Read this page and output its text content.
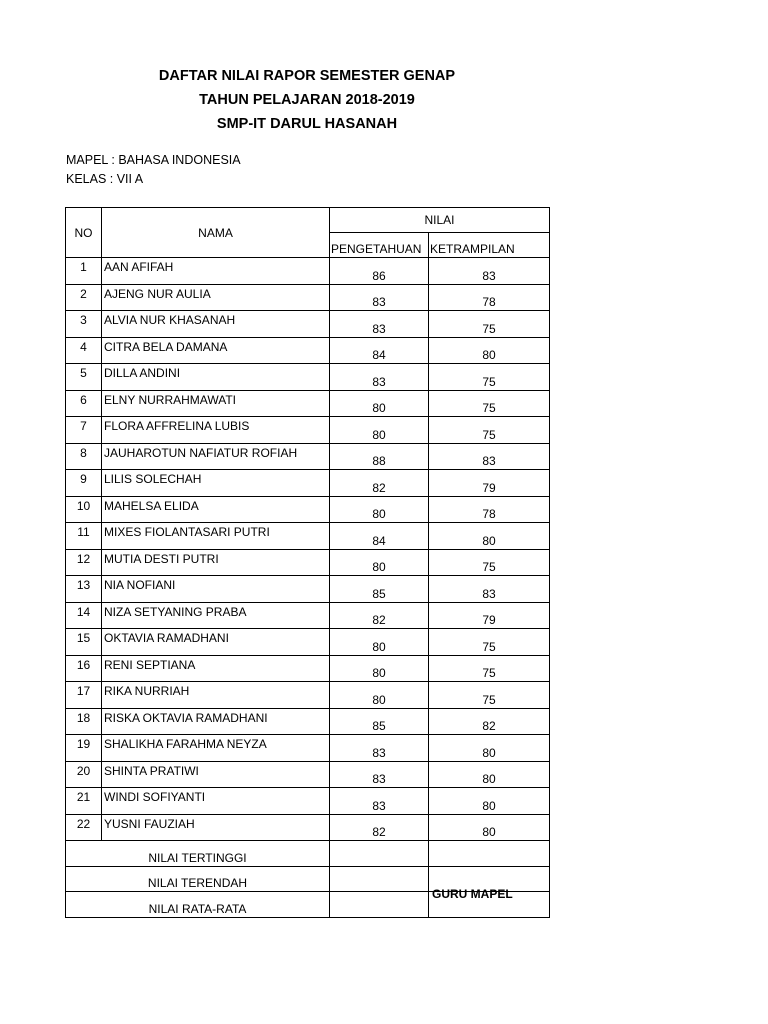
DAFTAR NILAI RAPOR SEMESTER GENAP
TAHUN PELAJARAN 2018-2019
SMP-IT DARUL HASANAH
MAPEL : BAHASA INDONESIA
KELAS : VII A
NO	NAMA	NILAI	
		PENGETAHUAN	KETRAMPILAN
1	AAN AFIFAH	86	83
2	AJENG NUR AULIA	83	78
3	ALVIA NUR KHASANAH	83	75
4	CITRA BELA DAMANA	84	80
5	DILLA ANDINI	83	75
6	ELNY NURRAHMAWATI	80	75
7	FLORA AFFRELINA LUBIS	80	75
8	JAUHAROTUN NAFIATUR ROFIAH	88	83
9	LILIS SOLECHAH	82	79
10	MAHELSA ELIDA	80	78
11	MIXES FIOLANTASARI PUTRI	84	80
12	MUTIA DESTI PUTRI	80	75
13	NIA NOFIANI	85	83
14	NIZA SETYANING PRABA	82	79
15	OKTAVIA RAMADHANI	80	75
16	RENI SEPTIANA	80	75
17	RIKA NURRIAH	80	75
18	RISKA OKTAVIA RAMADHANI	85	82
19	SHALIKHA FARAHMA NEYZA	83	80
20	SHINTA PRATIWI	83	80
21	WINDI SOFIYANTI	83	80
22	YUSNI FAUZIAH	82	80
NILAI TERTINGGI			
NILAI TERENDAH			
NILAI RATA-RATA			
GURU MAPEL
